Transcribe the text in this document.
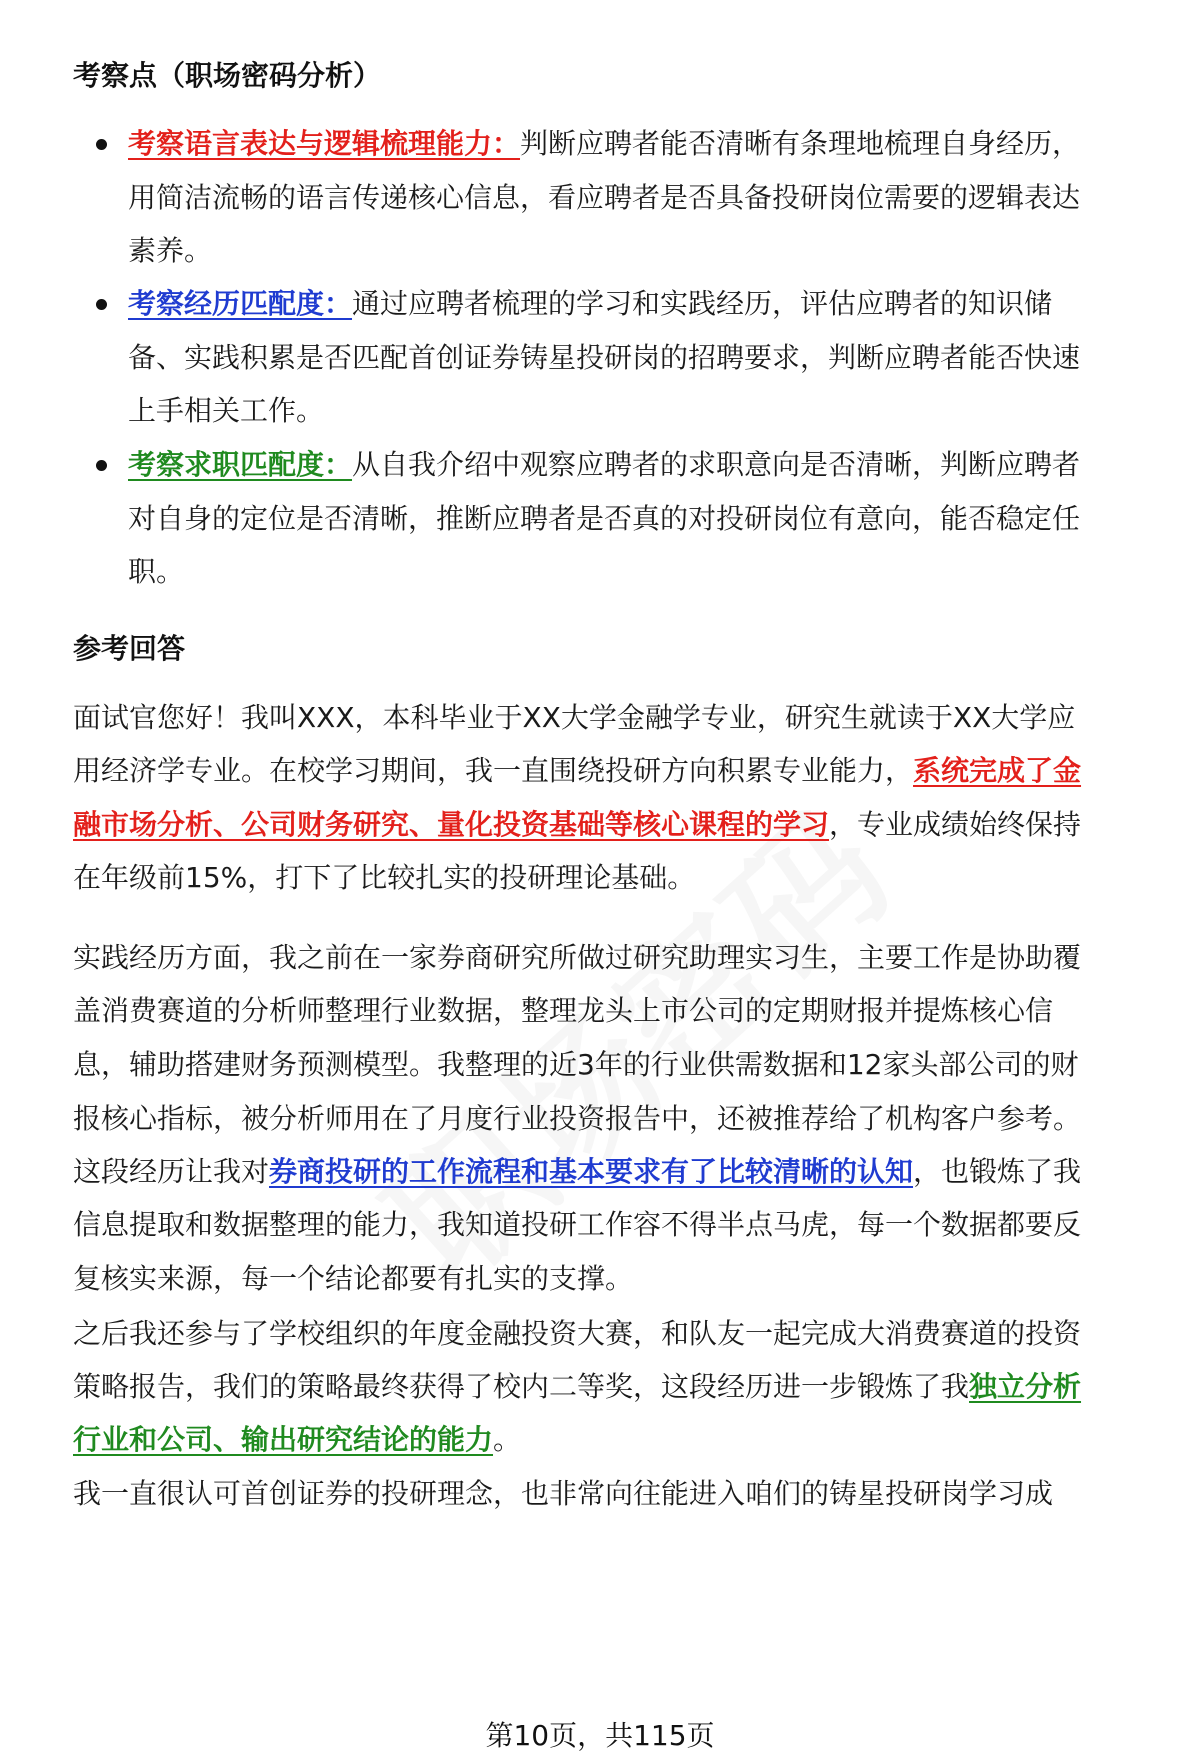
考察点（职场密码分析）
考察语言表达与逻辑梳理能力：判断应聘者能否清晰有条理地梳理自身经历，
用简洁流畅的语言传递核心信息，看应聘者是否具备投研岗位需要的逻辑表达
素养。
考察经历匹配度：通过应聘者梳理的学习和实践经历，评估应聘者的知识储
备、实践积累是否匹配首创证券铸星投研岗的招聘要求，判断应聘者能否快速
上手相关工作。
考察求职匹配度：从自我介绍中观察应聘者的求职意向是否清晰，判断应聘者
对自身的定位是否清晰，推断应聘者是否真的对投研岗位有意向，能否稳定任
职。
参考回答
面试官您好！我叫XXX，本科毕业于XX大学金融学专业，研究生就读于XX大学应
用经济学专业。在校学习期间，我一直围绕投研方向积累专业能力，系统完成了金
融市场分析、公司财务研究、量化投资基础等核心课程的学习，专业成绩始终保持
在年级前15%，打下了比较扎实的投研理论基础。
实践经历方面，我之前在一家券商研究所做过研究助理实习生，主要工作是协助覆
盖消费赛道的分析师整理行业数据，整理龙头上市公司的定期财报并提炼核心信
息，辅助搭建财务预测模型。我整理的近3年的行业供需数据和12家头部公司的财
报核心指标，被分析师用在了月度行业投资报告中，还被推荐给了机构客户参考。
这段经历让我对券商投研的工作流程和基本要求有了比较清晰的认知，也锻炼了我
信息提取和数据整理的能力，我知道投研工作容不得半点马虎，每一个数据都要反
复核实来源，每一个结论都要有扎实的支撑。
之后我还参与了学校组织的年度金融投资大赛，和队友一起完成大消费赛道的投资
策略报告，我们的策略最终获得了校内二等奖，这段经历进一步锻炼了我独立分析
行业和公司、输出研究结论的能力。
我一直很认可首创证券的投研理念，也非常向往能进入咱们的铸星投研岗学习成
第10页，共115页
